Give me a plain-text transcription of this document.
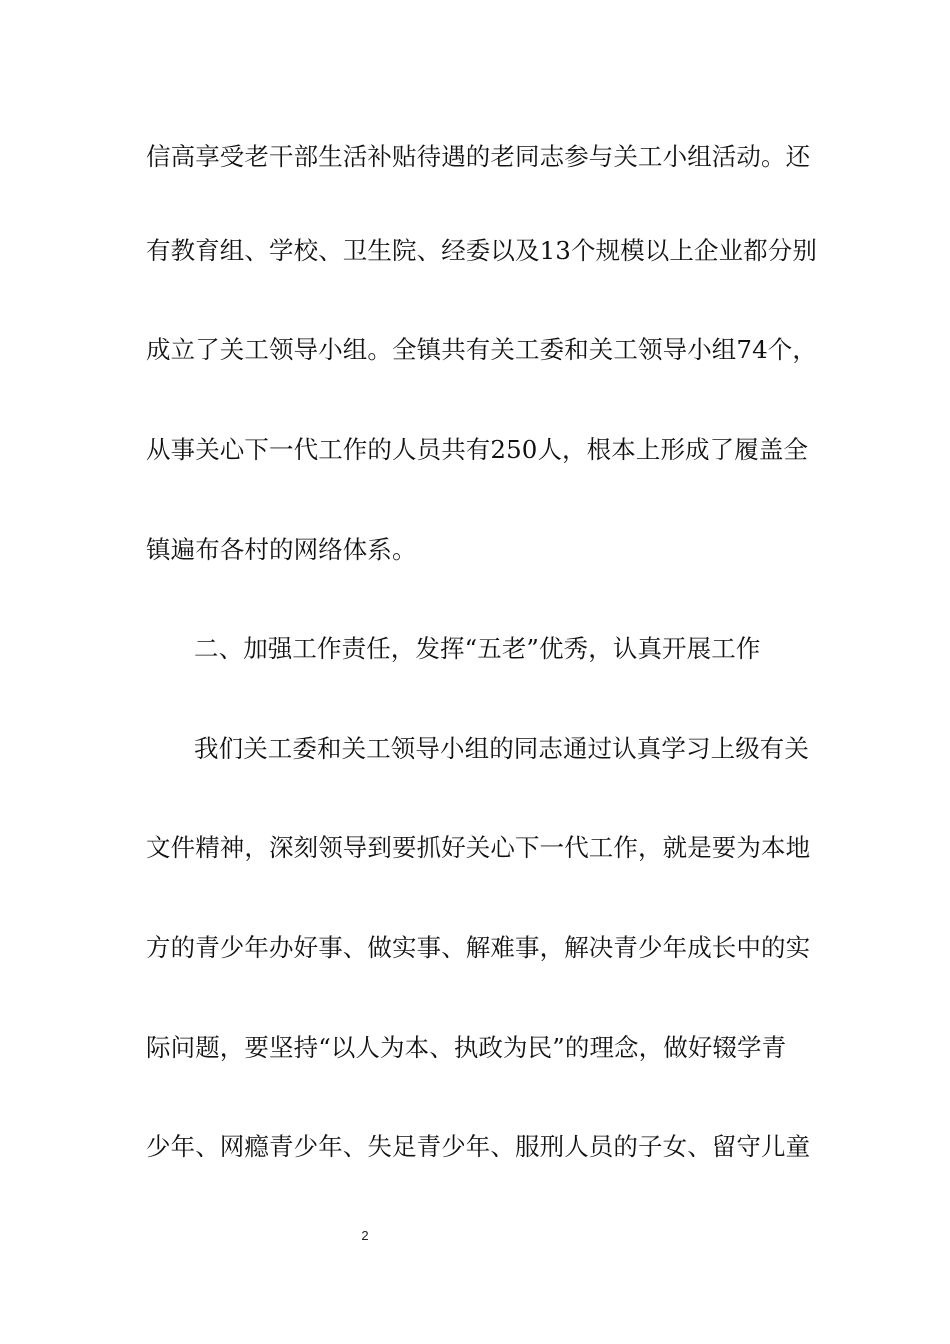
信高享受老干部生活补贴待遇的老同志参与关工小组活动。还
有教育组、学校、卫生院、经委以及13个规模以上企业都分别
成立了关工领导小组。全镇共有关工委和关工领导小组74个，
从事关心下一代工作的人员共有250人，根本上形成了履盖全
镇遍布各村的网络体系。
二、加强工作责任，发挥“五老”优秀，认真开展工作
我们关工委和关工领导小组的同志通过认真学习上级有关
文件精神，深刻领导到要抓好关心下一代工作，就是要为本地
方的青少年办好事、做实事、解难事，解决青少年成长中的实
际问题，要坚持“以人为本、执政为民”的理念，做好辍学青
少年、网瘾青少年、失足青少年、服刑人员的子女、留守儿童
2
